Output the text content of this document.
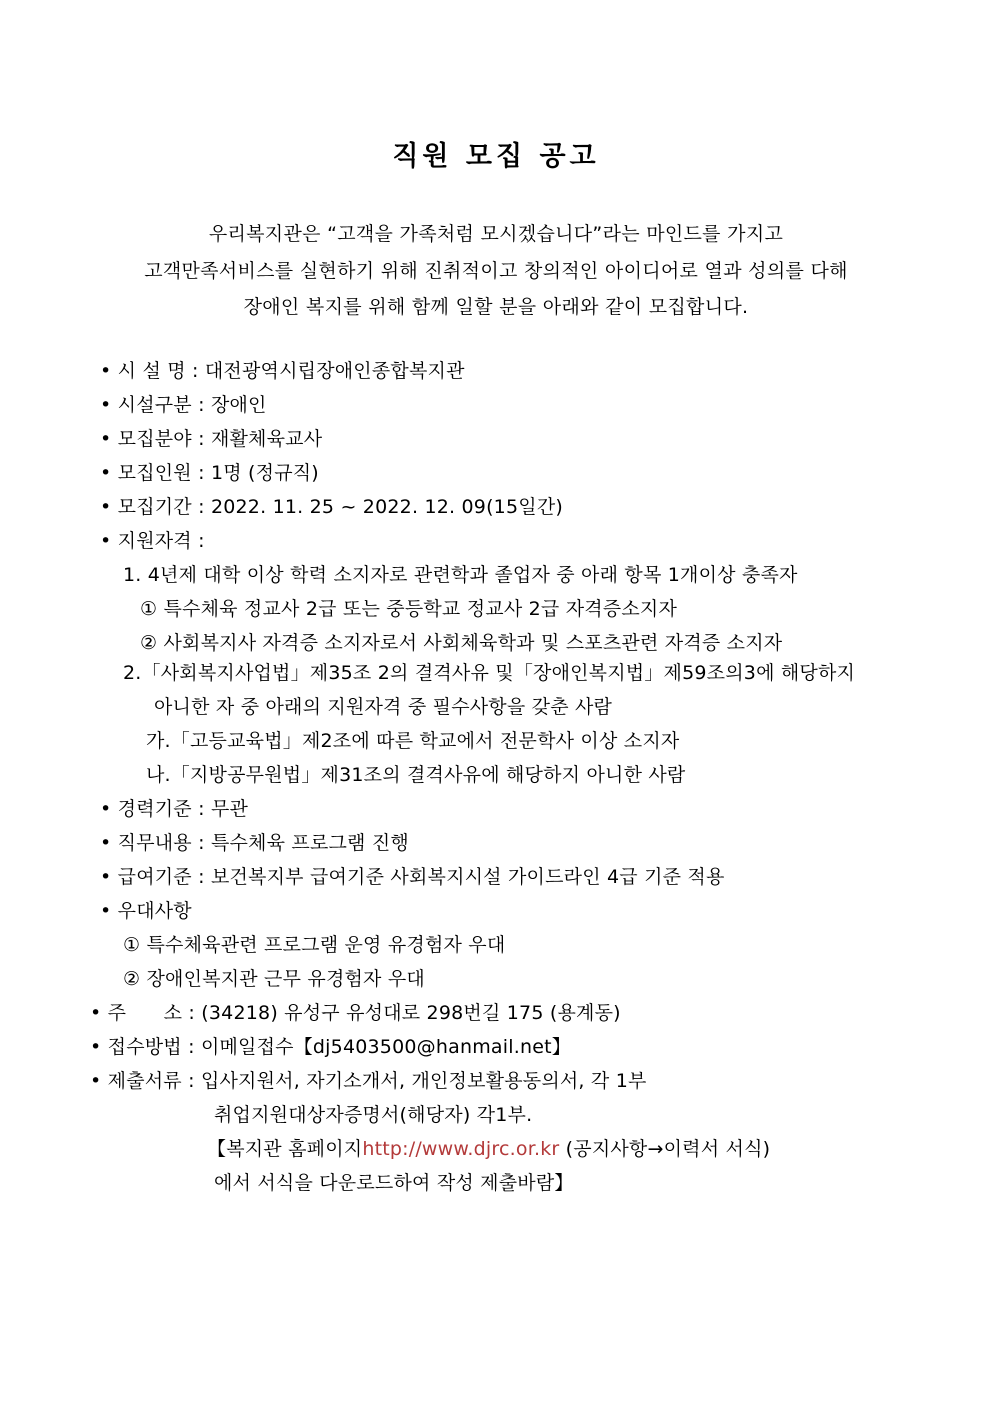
직원 모집 공고
우리복지관은 “고객을 가족처럼 모시겠습니다”라는 마인드를 가지고
고객만족서비스를 실현하기 위해 진취적이고 창의적인 아이디어로 열과 성의를 다해
장애인 복지를 위해 함께 일할 분을 아래와 같이 모집합니다.
• 시 설 명 : 대전광역시립장애인종합복지관
• 시설구분 : 장애인
• 모집분야 : 재활체육교사
• 모집인원 : 1명 (정규직)
• 모집기간 : 2022. 11. 25 ~ 2022. 12. 09(15일간)
• 지원자격 :
1. 4년제 대학 이상 학력 소지자로 관련학과 졸업자 중 아래 항목 1개이상 충족자
① 특수체육 정교사 2급 또는 중등학교 정교사 2급 자격증소지자
② 사회복지사 자격증 소지자로서 사회체육학과 및 스포츠관련 자격증 소지자
2.「사회복지사업법」제35조 2의 결격사유 및「장애인복지법」제59조의3에 해당하지
아니한 자 중 아래의 지원자격 중 필수사항을 갖춘 사람
가.「고등교육법」제2조에 따른 학교에서 전문학사 이상 소지자
나.「지방공무원법」제31조의 결격사유에 해당하지 아니한 사람
• 경력기준 : 무관
• 직무내용 : 특수체육 프로그램 진행
• 급여기준 : 보건복지부 급여기준 사회복지시설 가이드라인 4급 기준 적용
• 우대사항
① 특수체육관련 프로그램 운영 유경험자 우대
② 장애인복지관 근무 유경험자 우대
• 주      소 : (34218) 유성구 유성대로 298번길 175 (용계동)
• 접수방법 : 이메일접수【dj5403500@hanmail.net】
• 제출서류 : 입사지원서, 자기소개서, 개인정보활용동의서, 각 1부
취업지원대상자증명서(해당자) 각1부.
【복지관 홈페이지http://www.djrc.or.kr (공지사항→이력서 서식)
에서 서식을 다운로드하여 작성 제출바람】
